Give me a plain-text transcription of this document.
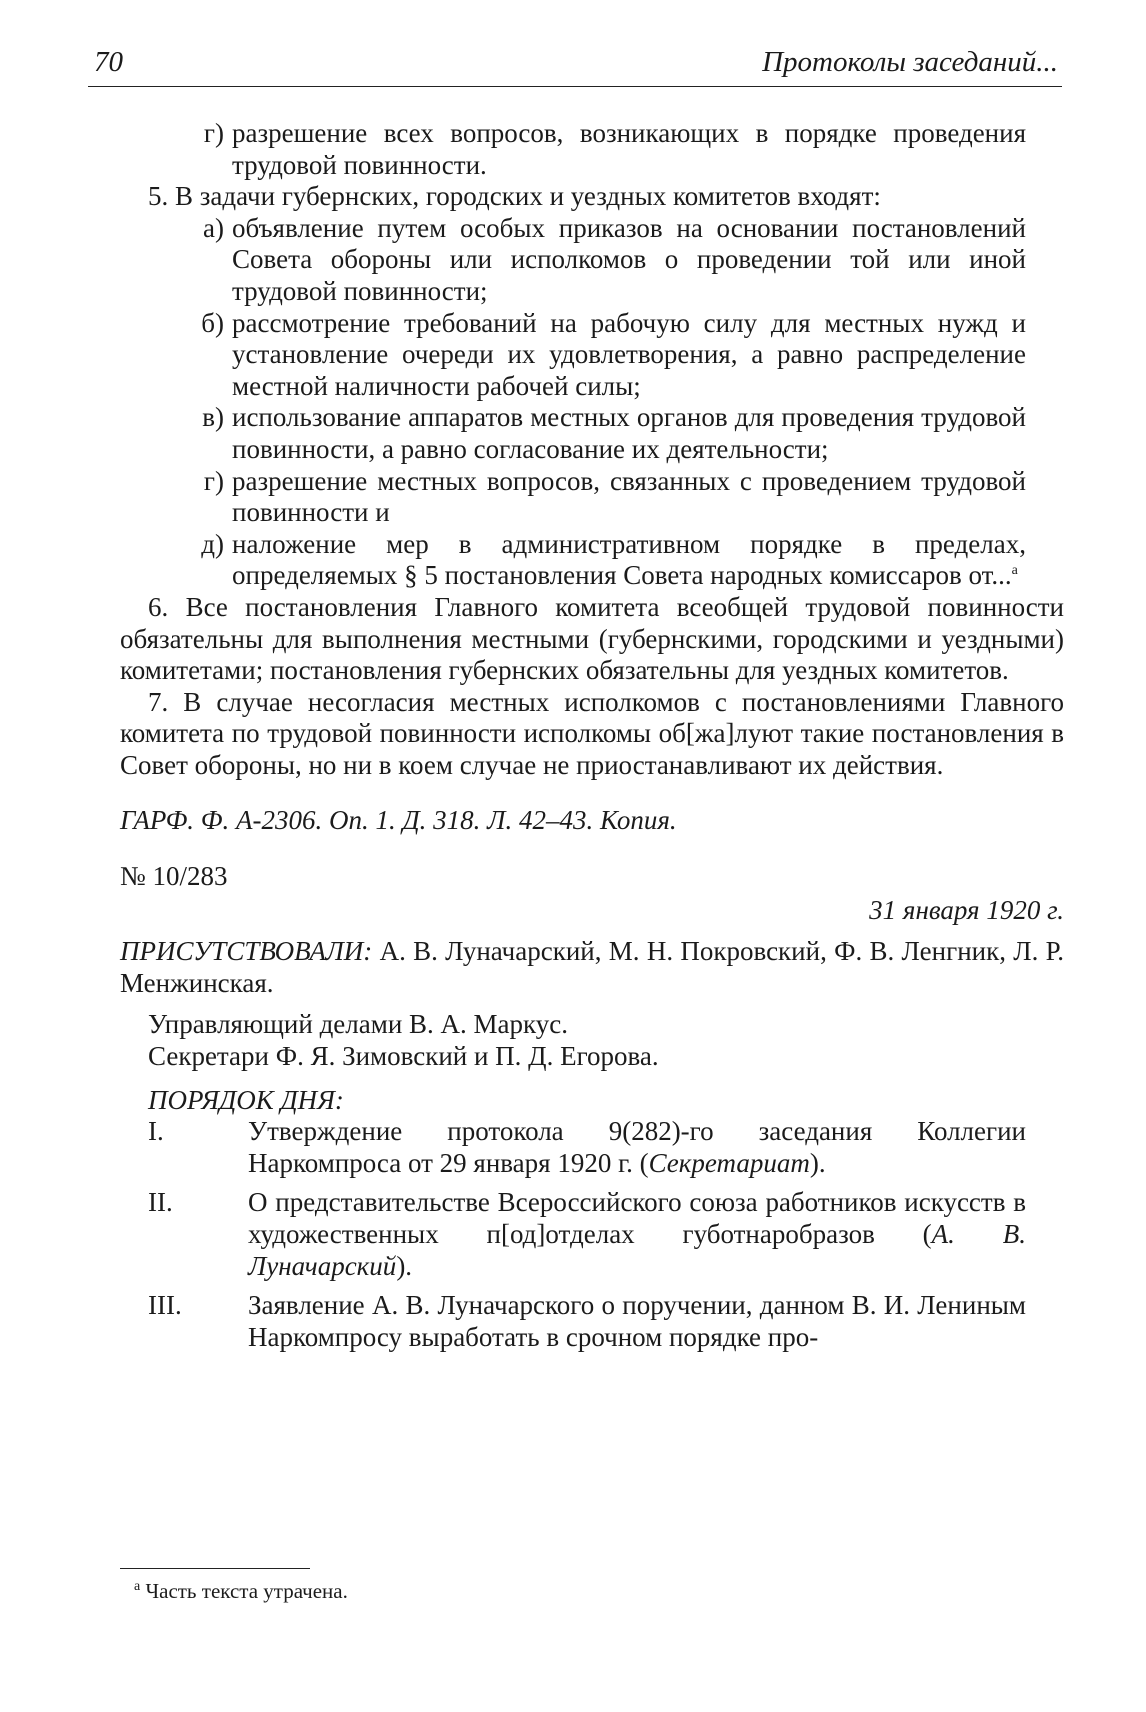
70	Протоколы заседаний...
г) разрешение всех вопросов, возникающих в порядке проведения трудовой повинности.

5. В задачи губернских, городских и уездных комитетов входят:

а) объявление путем особых приказов на основании постановлений Совета обороны или исполкомов о проведении той или иной трудовой повинности;
б) рассмотрение требований на рабочую силу для местных нужд и установление очереди их удовлетворения, а равно распределение местной наличности рабочей силы;
в) использование аппаратов местных органов для проведения трудовой повинности, а равно согласование их деятельности;
г) разрешение местных вопросов, связанных с проведением трудовой повинности и
д) наложение мер в административном порядке в пределах, определяемых § 5 постановления Совета народных комиссаров от...$^а$

6. Все постановления Главного комитета всеобщей трудовой повинности обязательны для выполнения местными (губернскими, городскими и уездными) комитетами; постановления губернских обязательны для уездных комитетов.

7. В случае несогласия местных исполкомов с постановлениями Главного комитета по трудовой повинности исполкомы об[жа]луют такие постановления в Совет обороны, но ни в коем случае не приостанавливают их действия.

ГАРФ. Ф. А-2306. Оп. 1. Д. 318. Л. 42–43. Копия.

№ 10/283

31 января 1920 г.

ПРИСУТСТВОВАЛИ: А. В. Луначарский, М. Н. Покровский, Ф. В. Ленгник, Л. Р. Менжинская.

Управляющий делами В. А. Маркус.

Секретари Ф. Я. Зимовский и П. Д. Егорова.

ПОРЯДОК ДНЯ:

I.	Утверждение протокола 9(282)-го заседания Коллегии Наркомпроса от 29 января 1920 г. (Секретариат).
II.	О представительстве Всероссийского союза работников искусств в художественных п[од]отделах губотнаробразов (А. В. Луначарский).
III.	Заявление А. В. Луначарского о поручении, данном В. И. Лениным Наркомпросу выработать в срочном порядке про-
$^а$ Часть текста утрачена.
